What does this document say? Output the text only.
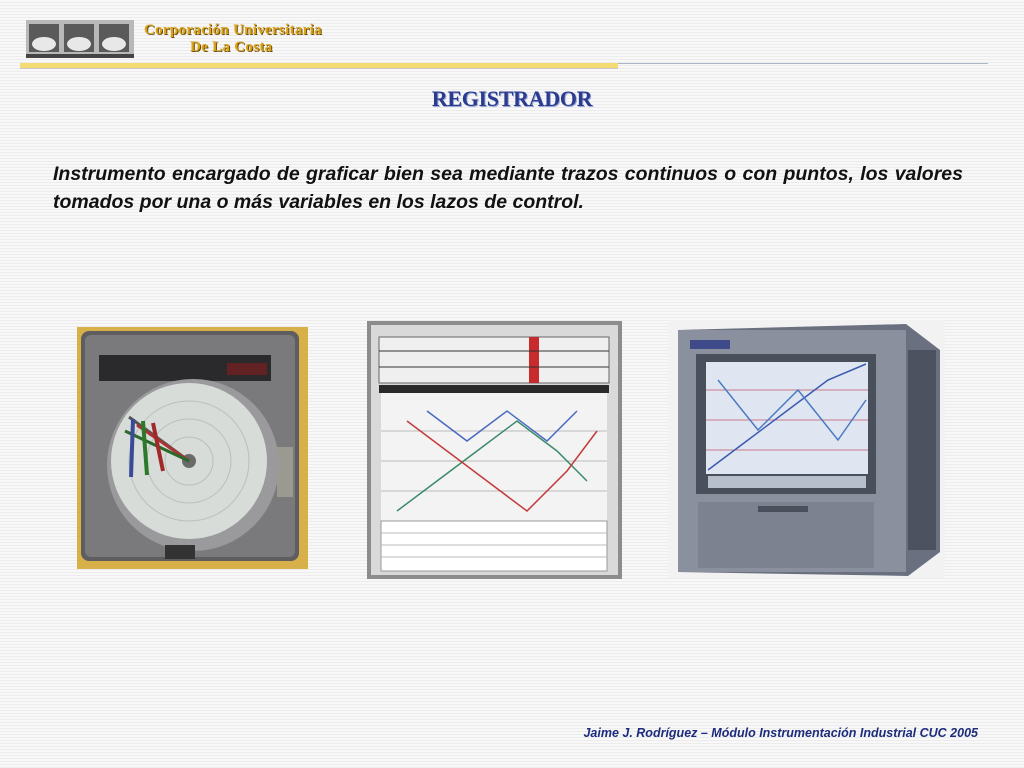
Corporación Universitaria
De La Costa
REGISTRADOR

Instrumento encargado de graficar bien sea mediante trazos continuos o con puntos, los valores tomados por una o más variables en los lazos de control.

Jaime J. Rodríguez – Módulo Instrumentación Industrial CUC 2005
